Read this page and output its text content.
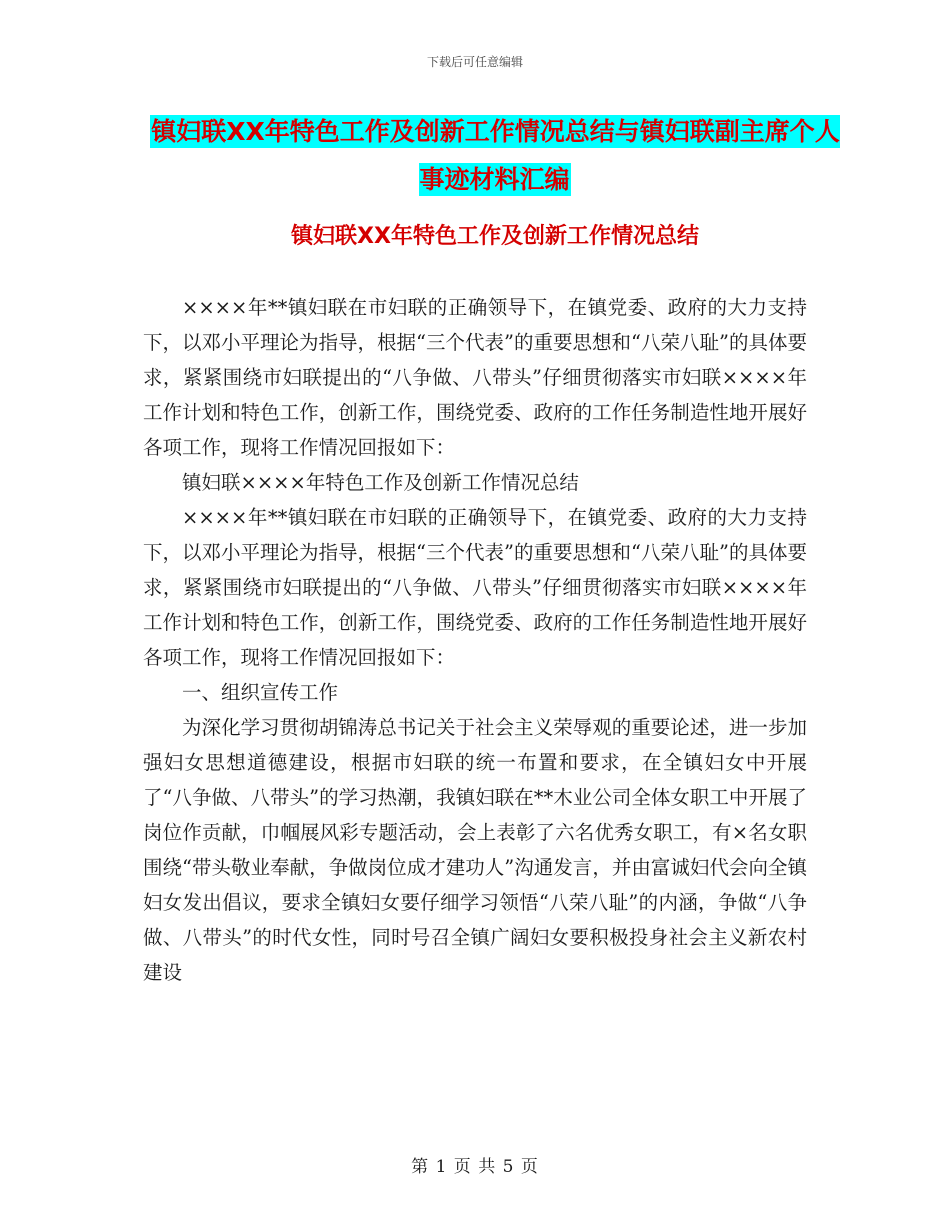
下载后可任意编辑
镇妇联XX年特色工作及创新工作情况总结与镇妇联副主席个人事迹材料汇编
镇妇联XX年特色工作及创新工作情况总结

××××年**镇妇联在市妇联的正确领导下，在镇党委、政府的大力支持下，以邓小平理论为指导，根据“三个代表”的重要思想和“八荣八耻”的具体要求，紧紧围绕市妇联提出的“八争做、八带头”仔细贯彻落实市妇联××××年工作计划和特色工作，创新工作，围绕党委、政府的工作任务制造性地开展好各项工作，现将工作情况回报如下：

镇妇联××××年特色工作及创新工作情况总结

××××年**镇妇联在市妇联的正确领导下，在镇党委、政府的大力支持下，以邓小平理论为指导，根据“三个代表”的重要思想和“八荣八耻”的具体要求，紧紧围绕市妇联提出的“八争做、八带头”仔细贯彻落实市妇联××××年工作计划和特色工作，创新工作，围绕党委、政府的工作任务制造性地开展好各项工作，现将工作情况回报如下：

一、组织宣传工作

为深化学习贯彻胡锦涛总书记关于社会主义荣辱观的重要论述，进一步加强妇女思想道德建设，根据市妇联的统一布置和要求，在全镇妇女中开展了“八争做、八带头”的学习热潮，我镇妇联在**木业公司全体女职工中开展了岗位作贡献，巾帼展风彩专题活动，会上表彰了六名优秀女职工，有×名女职围绕“带头敬业奉献，争做岗位成才建功人”沟通发言，并由富诚妇代会向全镇妇女发出倡议，要求全镇妇女要仔细学习领悟“八荣八耻”的内涵，争做“八争做、八带头”的时代女性，同时号召全镇广阔妇女要积极投身社会主义新农村建设

第 1 页 共 5 页
